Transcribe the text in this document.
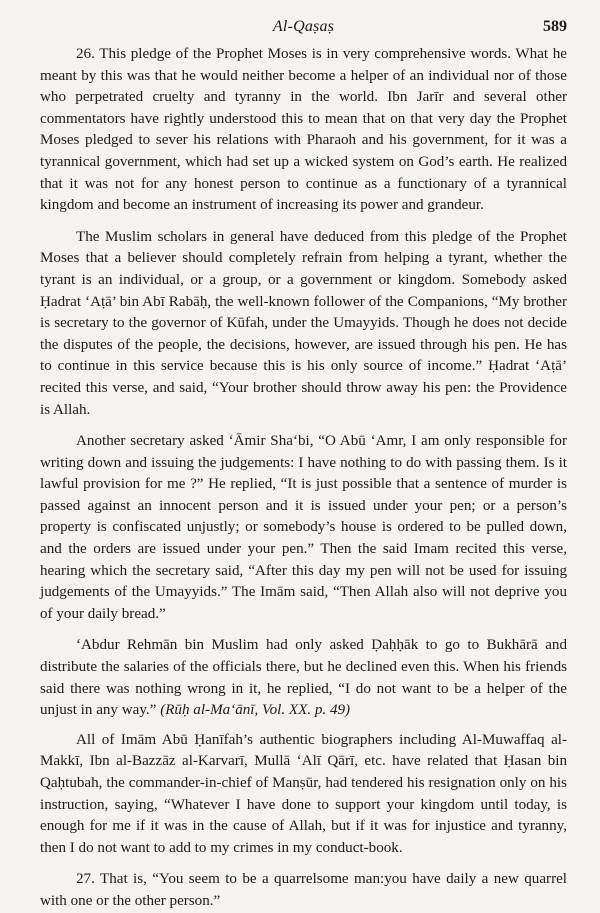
Al-Qaṣaṣ	589

26. This pledge of the Prophet Moses is in very comprehensive words. What he meant by this was that he would neither become a helper of an individual nor of those who perpetrated cruelty and tyranny in the world. Ibn Jarīr and several other commentators have rightly understood this to mean that on that very day the Prophet Moses pledged to sever his relations with Pharaoh and his government, for it was a tyrannical government, which had set up a wicked system on God’s earth. He realized that it was not for any honest person to continue as a functionary of a tyrannical kingdom and become an instrument of increasing its power and grandeur.

The Muslim scholars in general have deduced from this pledge of the Prophet Moses that a believer should completely refrain from helping a tyrant, whether the tyrant is an individual, or a group, or a government or kingdom. Somebody asked Ḥadrat ‘Aṭā’ bin Abī Rabāḥ, the well-known follower of the Companions, “My brother is secretary to the governor of Kūfah, under the Umayyids. Though he does not decide the disputes of the people, the decisions, however, are issued through his pen. He has to continue in this service because this is his only source of income.” Ḥadrat ‘Aṭā’ recited this verse, and said, “Your brother should throw away his pen: the Providence is Allah.

Another secretary asked ‘Āmir Sha‘bi, “O Abū ‘Amr, I am only responsible for writing down and issuing the judgements: I have nothing to do with passing them. Is it lawful provision for me ?” He replied, “It is just possible that a sentence of murder is passed against an innocent person and it is issued under your pen; or a person’s property is confiscated unjustly; or somebody’s house is ordered to be pulled down, and the orders are issued under your pen.” Then the said Imam recited this verse, hearing which the secretary said, “After this day my pen will not be used for issuing judgements of the Umayyids.” The Imām said, “Then Allah also will not deprive you of your daily bread.”

‘Abdur Rehmān bin Muslim had only asked Ḍaḥḥāk to go to Bukhārā and distribute the salaries of the officials there, but he declined even this. When his friends said there was nothing wrong in it, he replied, “I do not want to be a helper of the unjust in any way.” (Rūḥ al-Ma‘ānī, Vol. XX. p. 49)

All of Imām Abū Ḥanīfah’s authentic biographers including Al-Muwaffaq al-Makkī, Ibn al-Bazzāz al-Karvarī, Mullā ‘Alī Qārī, etc. have related that Ḥasan bin Qaḥtubah, the commander-in-chief of Manṣūr, had tendered his resignation only on his instruction, saying, “Whatever I have done to support your kingdom until today, is enough for me if it was in the cause of Allah, but if it was for injustice and tyranny, then I do not want to add to my crimes in my conduct-book.

27. That is, “You seem to be a quarrelsome man:you have daily a new quarrel with one or the other person.”
